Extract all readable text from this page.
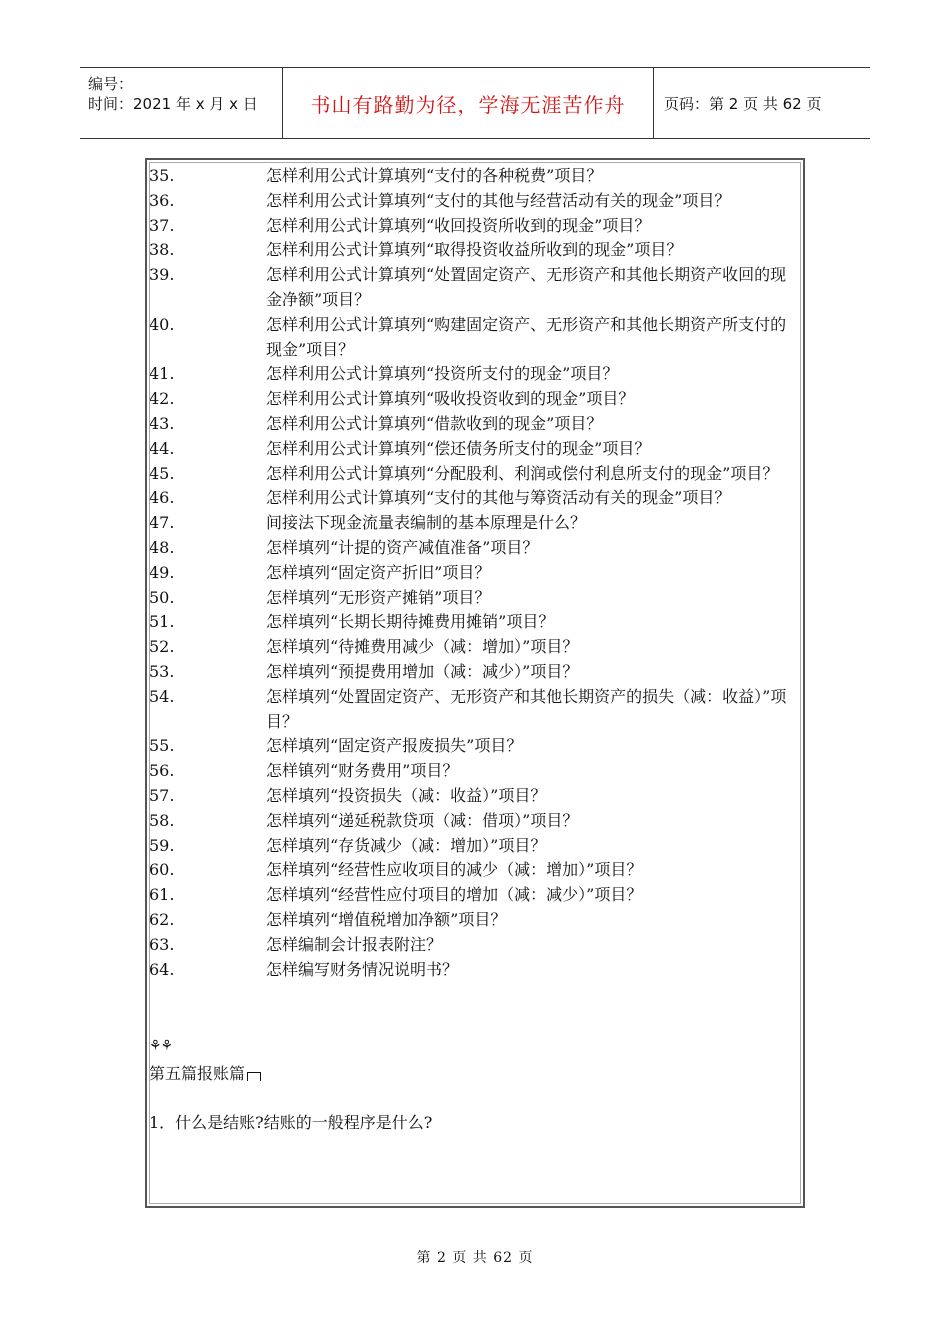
编号：
时间：2021 年 x 月 x 日	书山有路勤为径，学海无涯苦作舟	页码：第 2 页 共 62 页

35.	怎样利用公式计算填列“支付的各种税费”项目？

36.	怎样利用公式计算填列“支付的其他与经营活动有关的现金”项目？

37.	怎样利用公式计算填列“收回投资所收到的现金”项目？

38.	怎样利用公式计算填列“取得投资收益所收到的现金”项目？

39.	怎样利用公式计算填列“处置固定资产、无形资产和其他长期资产收回的现金净额”项目？

40.	怎样利用公式计算填列“购建固定资产、无形资产和其他长期资产所支付的现金”项目？

41.	怎样利用公式计算填列“投资所支付的现金”项目？

42.	怎样利用公式计算填列“吸收投资收到的现金”项目？

43.	怎样利用公式计算填列“借款收到的现金”项目？

44.	怎样利用公式计算填列“偿还债务所支付的现金”项目？

45.	怎样利用公式计算填列“分配股利、利润或偿付利息所支付的现金”项目？

46.	怎样利用公式计算填列“支付的其他与筹资活动有关的现金”项目？

47.	间接法下现金流量表编制的基本原理是什么？

48.	怎样填列“计提的资产减值准备”项目？

49.	怎样填列“固定资产折旧”项目？

50.	怎样填列“无形资产摊销”项目？

51.	怎样填列“长期长期待摊费用摊销”项目？

52.	怎样填列“待摊费用减少（减：增加）”项目？

53.	怎样填列“预提费用增加（减：减少）”项目？

54.	怎样填列“处置固定资产、无形资产和其他长期资产的损失（减：收益）”项目？

55.	怎样填列“固定资产报废损失”项目？

56.	怎样镇列“财务费用”项目？

57.	怎样填列“投资损失（减：收益）”项目？

58.	怎样填列“递延税款贷项（减：借项）”项目？

59.	怎样填列“存货减少（减：增加）”项目？

60.	怎样填列“经营性应收项目的减少（减：增加）”项目？

61.	怎样填列“经营性应付项目的增加（减：减少）”项目？

62.	怎样填列“增值税增加净额”项目？

63.	怎样编制会计报表附注？

64.	怎样编写财务情况说明书？

⚘⚘

第五篇报账篇

1．什么是结账?结账的一般程序是什么?

第 2 页 共 62 页
